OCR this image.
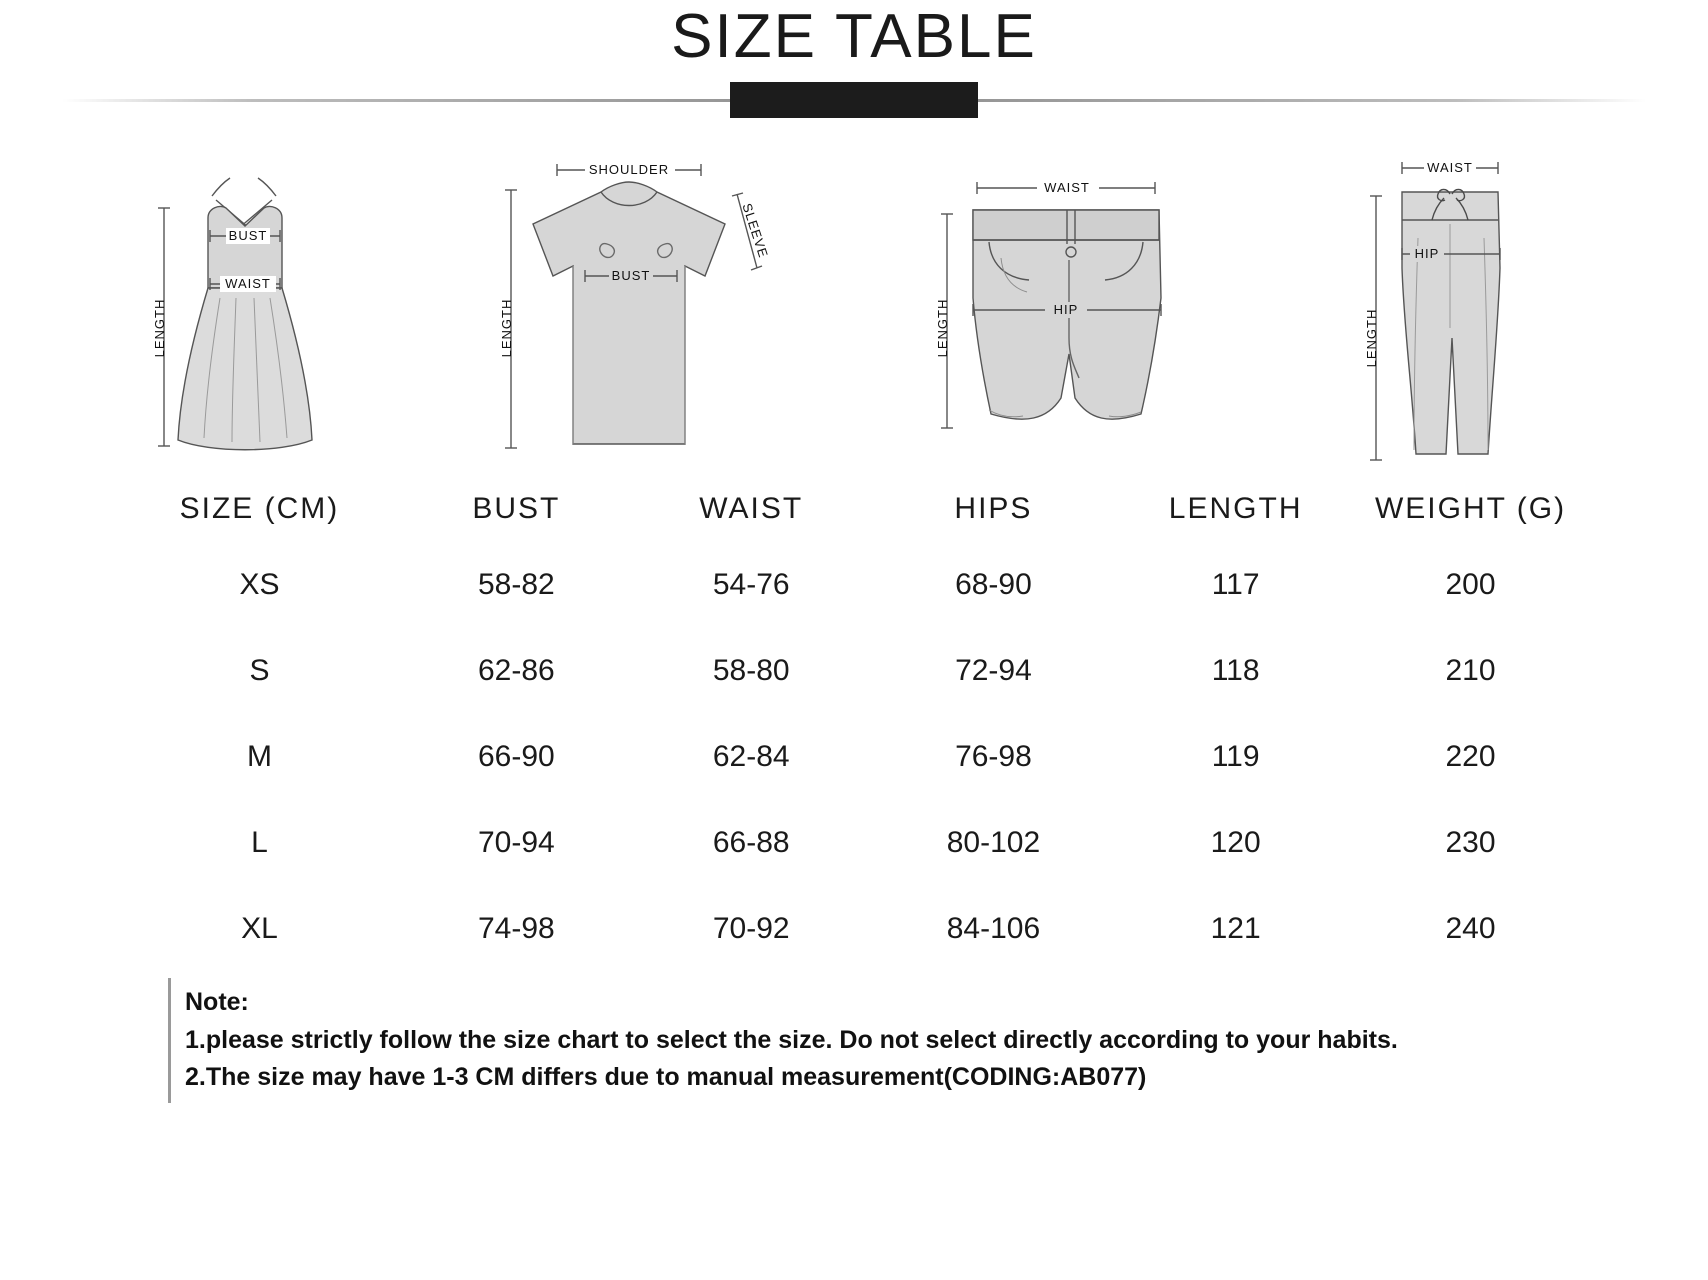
SIZE TABLE
BUST
WAIST
LENGTH
SHOULDER
SLEEVE
BUST
LENGTH
WAIST
HIP
LENGTH
WAIST
HIP
LENGTH
SIZE (CM)	BUST	WAIST	HIPS	LENGTH	WEIGHT (G)
XS	58-82	54-76	68-90	117	200
S	62-86	58-80	72-94	118	210
M	66-90	62-84	76-98	119	220
L	70-94	66-88	80-102	120	230
XL	74-98	70-92	84-106	121	240
Note:
1.please strictly follow the size chart to select the size. Do not select directly according to your habits.
2.The size may have 1-3 CM differs due to manual measurement(CODING:AB077)
